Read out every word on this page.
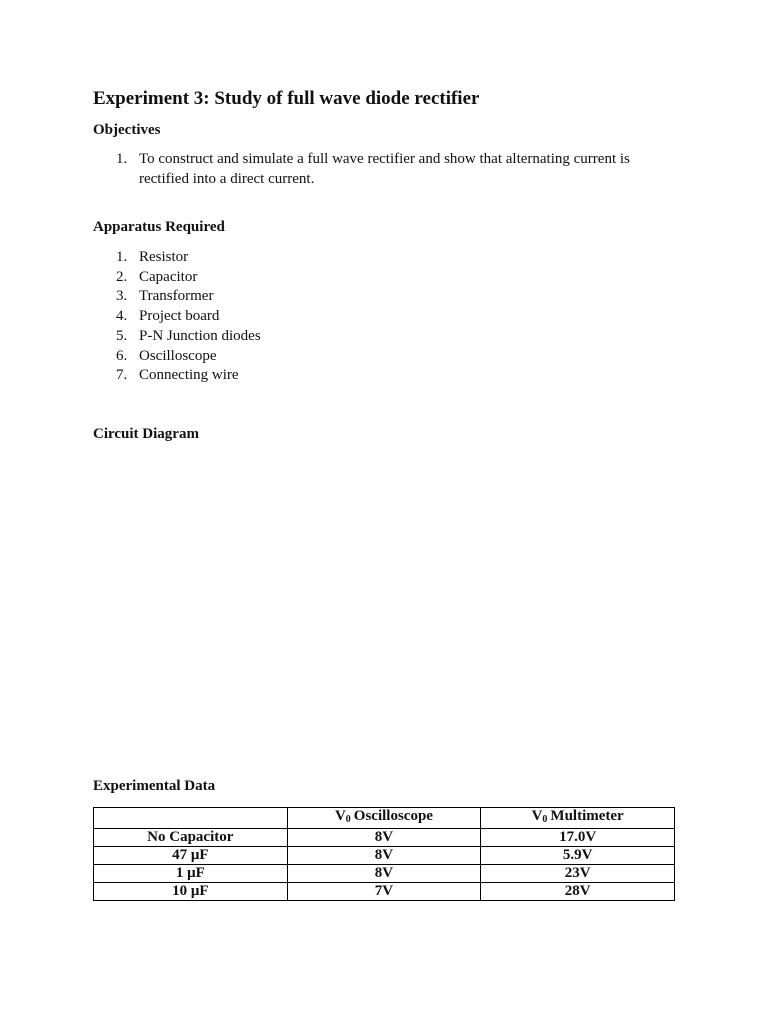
Experiment 3: Study of full wave diode rectifier
Objectives
1. To construct and simulate a full wave rectifier and show that alternating current is rectified into a direct current.
Apparatus Required
1. Resistor
2. Capacitor
3. Transformer
4. Project board
5. P-N Junction diodes
6. Oscilloscope
7. Connecting wire
Circuit Diagram
Experimental Data
	$V_0$ Oscilloscope	$V_0$ Multimeter
No Capacitor	8V	17.0V
47 μF	8V	5.9V
1 μF	8V	23V
10 μF	7V	28V
